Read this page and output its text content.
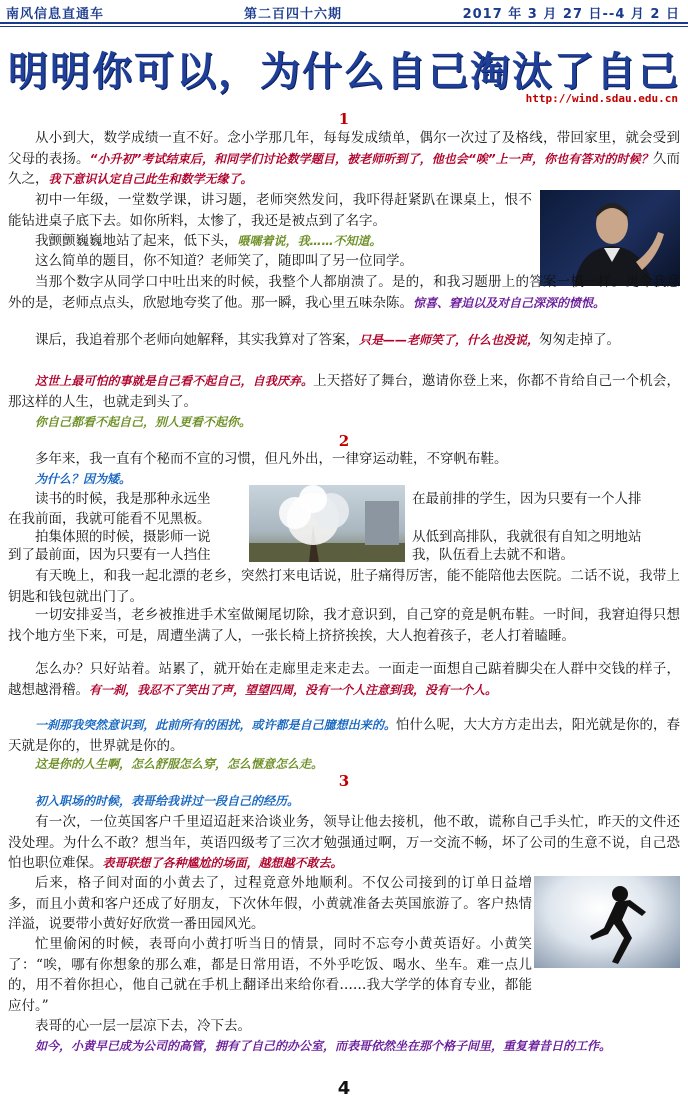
南风信息直通车	第二百四十六期	2017 年 3 月 27 日--4 月 2 日
明明你可以，为什么自己淘汰了自己
http://wind.sdau.edu.cn
1

从小到大，数学成绩一直不好。念小学那几年，每每发成绩单，偶尔一次过了及格线，带回家里，就会受到父母的表扬。“小升初”考试结束后，和同学们讨论数学题目，被老师听到了，他也会“唉”上一声，你也有答对的时候？久而久之，我下意识认定自己此生和数学无缘了。

初中一年级，一堂数学课，讲习题，老师突然发问，我吓得赶紧趴在课桌上，恨不能钻进桌子底下去。如你所料，太惨了，我还是被点到了名字。

我颤颤巍巍地站了起来，低下头，嗫嚅着说，我……不知道。

这么简单的题目，你不知道？老师笑了，随即叫了另一位同学。

当那个数字从同学口中吐出来的时候，我整个人都崩溃了。是的，和我习题册上的答案一模一样。更令我意外的是，老师点点头，欣慰地夸奖了他。那一瞬，我心里五味杂陈。惊喜、窘迫以及对自己深深的愤恨。

课后，我追着那个老师向她解释，其实我算对了答案，只是——老师笑了，什么也没说，匆匆走掉了。

这世上最可怕的事就是自己看不起自己，自我厌弃。上天搭好了舞台，邀请你登上来，你都不肯给自己一个机会，那这样的人生，也就走到头了。

你自己都看不起自己，别人更看不起你。

2

多年来，我一直有个秘而不宣的习惯，但凡外出，一律穿运动鞋，不穿帆布鞋。

为什么？因为矮。

读书的时候，我是那种永远坐	在最前排的学生，因为只要有一个人排

在我前面，我就可能看不见黑板。

拍集体照的时候，摄影师一说	从低到高排队，我就很有自知之明地站

到了最前面，因为只要有一人挡住	我，队伍看上去就不和谐。

有天晚上，和我一起北漂的老乡，突然打来电话说，肚子痛得厉害，能不能陪他去医院。二话不说，我带上钥匙和钱包就出门了。

一切安排妥当，老乡被推进手术室做阑尾切除，我才意识到，自己穿的竟是帆布鞋。一时间，我窘迫得只想找个地方坐下来，可是，周遭坐满了人，一张长椅上挤挤挨挨，大人抱着孩子，老人打着瞌睡。

怎么办？只好站着。站累了，就开始在走廊里走来走去。一面走一面想自己踮着脚尖在人群中交钱的样子，越想越滑稽。有一刹，我忍不了笑出了声，望望四周，没有一个人注意到我，没有一个人。

一刹那我突然意识到，此前所有的困扰，或许都是自己臆想出来的。怕什么呢，大大方方走出去，阳光就是你的，春天就是你的，世界就是你的。

这是你的人生啊，怎么舒服怎么穿，怎么惬意怎么走。

3

初入职场的时候，表哥给我讲过一段自己的经历。

有一次，一位英国客户千里迢迢赶来洽谈业务，领导让他去接机，他不敢，谎称自己手头忙，昨天的文件还没处理。为什么不敢？想当年，英语四级考了三次才勉强通过啊，万一交流不畅，坏了公司的生意不说，自己恐怕也职位难保。表哥联想了各种尴尬的场面，越想越不敢去。

后来，格子间对面的小黄去了，过程竟意外地顺利。不仅公司接到的订单日益增多，而且小黄和客户还成了好朋友，下次休年假，小黄就准备去英国旅游了。客户热情洋溢，说要带小黄好好欣赏一番田园风光。

忙里偷闲的时候，表哥向小黄打听当日的情景，同时不忘夸小黄英语好。小黄笑了：“唉，哪有你想象的那么难，都是日常用语，不外乎吃饭、喝水、坐车。难一点儿的，用不着你担心，他自己就在手机上翻译出来给你看……我大学学的体育专业，都能应付。”

表哥的心一层一层凉下去，冷下去。

如今，小黄早已成为公司的高管，拥有了自己的办公室，而表哥依然坐在那个格子间里，重复着昔日的工作。

4
